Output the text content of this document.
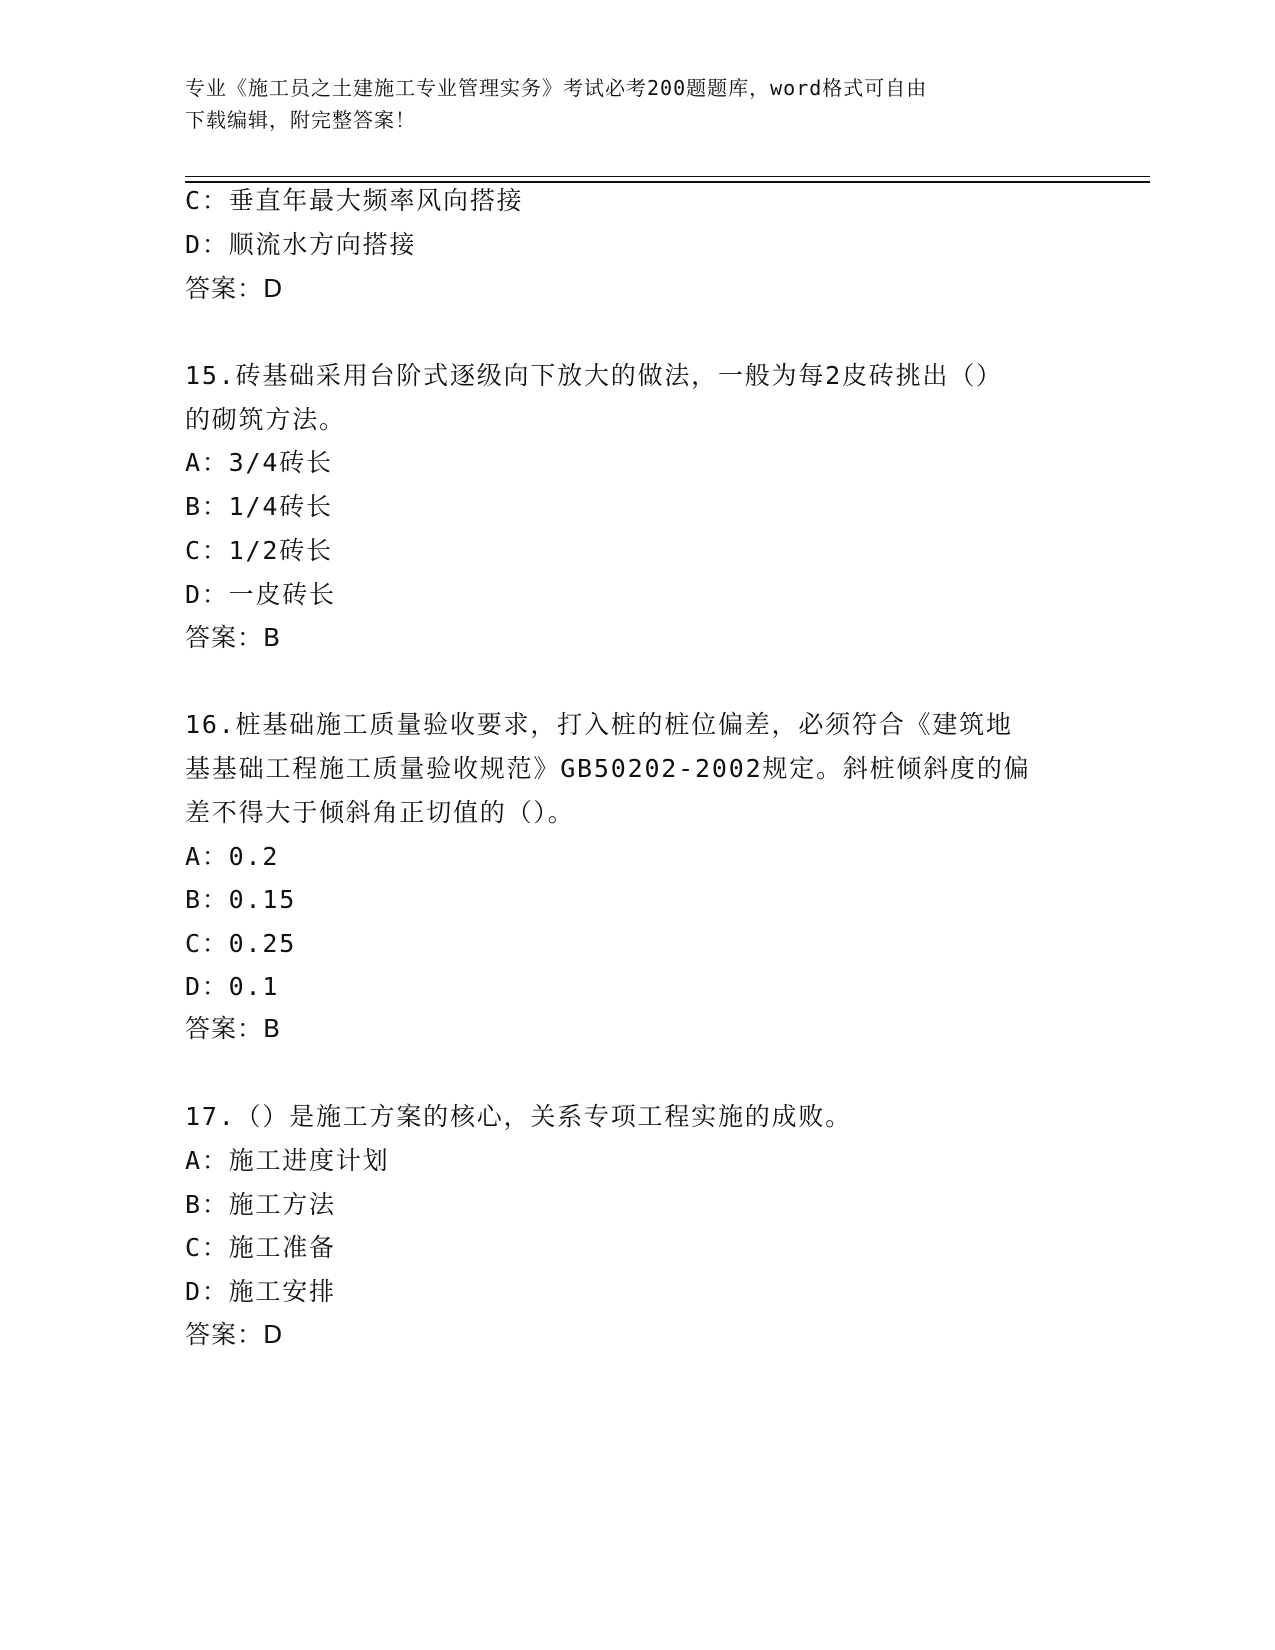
专业《施工员之土建施工专业管理实务》考试必考200题题库，word格式可自由
下载编辑，附完整答案！
C：垂直年最大频率风向搭接
D：顺流水方向搭接
答案：D
15.砖基础采用台阶式逐级向下放大的做法，一般为每2皮砖挑出（）
的砌筑方法。
A：3/4砖长
B：1/4砖长
C：1/2砖长
D：一皮砖长
答案：B
16.桩基础施工质量验收要求，打入桩的桩位偏差，必须符合《建筑地
基基础工程施工质量验收规范》GB50202-2002规定。斜桩倾斜度的偏
差不得大于倾斜角正切值的（）。
A：0.2
B：0.15
C：0.25
D：0.1
答案：B
17.（）是施工方案的核心，关系专项工程实施的成败。
A：施工进度计划
B：施工方法
C：施工准备
D：施工安排
答案：D
